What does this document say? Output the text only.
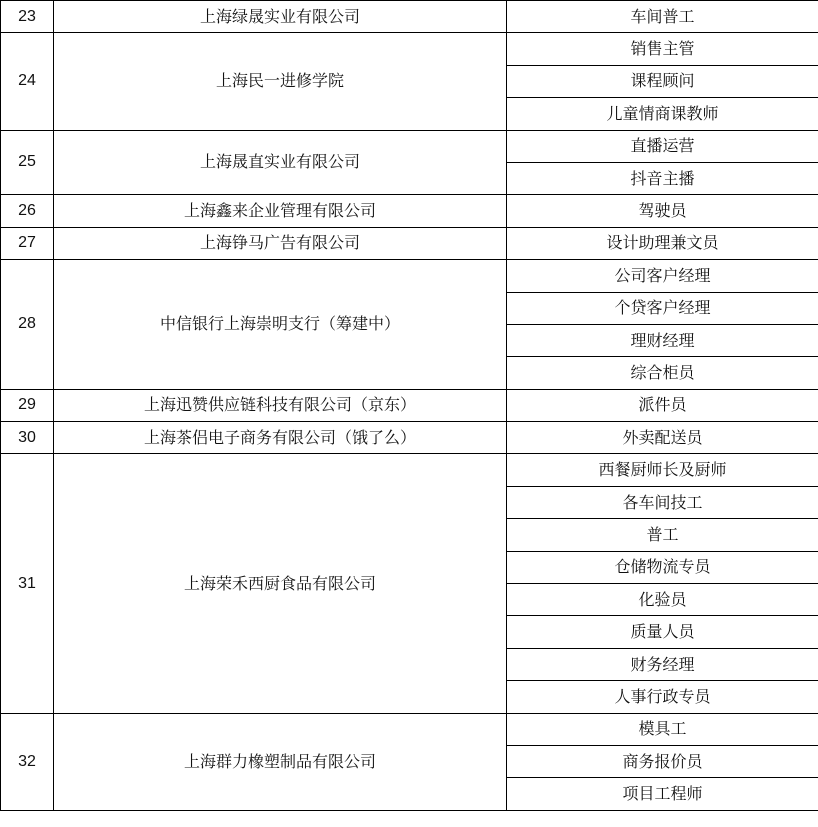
23	上海绿晟实业有限公司	车间普工
24	上海民一进修学院	销售主管
		课程顾问
		儿童情商课教师
25	上海晟直实业有限公司	直播运营
		抖音主播
26	上海鑫来企业管理有限公司	驾驶员
27	上海铮马广告有限公司	设计助理兼文员
28	中信银行上海崇明支行（筹建中）	公司客户经理
		个贷客户经理
		理财经理
		综合柜员
29	上海迅赞供应链科技有限公司（京东）	派件员
30	上海茶侣电子商务有限公司（饿了么）	外卖配送员
31	上海荣禾西厨食品有限公司	西餐厨师长及厨师
		各车间技工
		普工
		仓储物流专员
		化验员
		质量人员
		财务经理
		人事行政专员
32	上海群力橡塑制品有限公司	模具工
		商务报价员
		项目工程师
